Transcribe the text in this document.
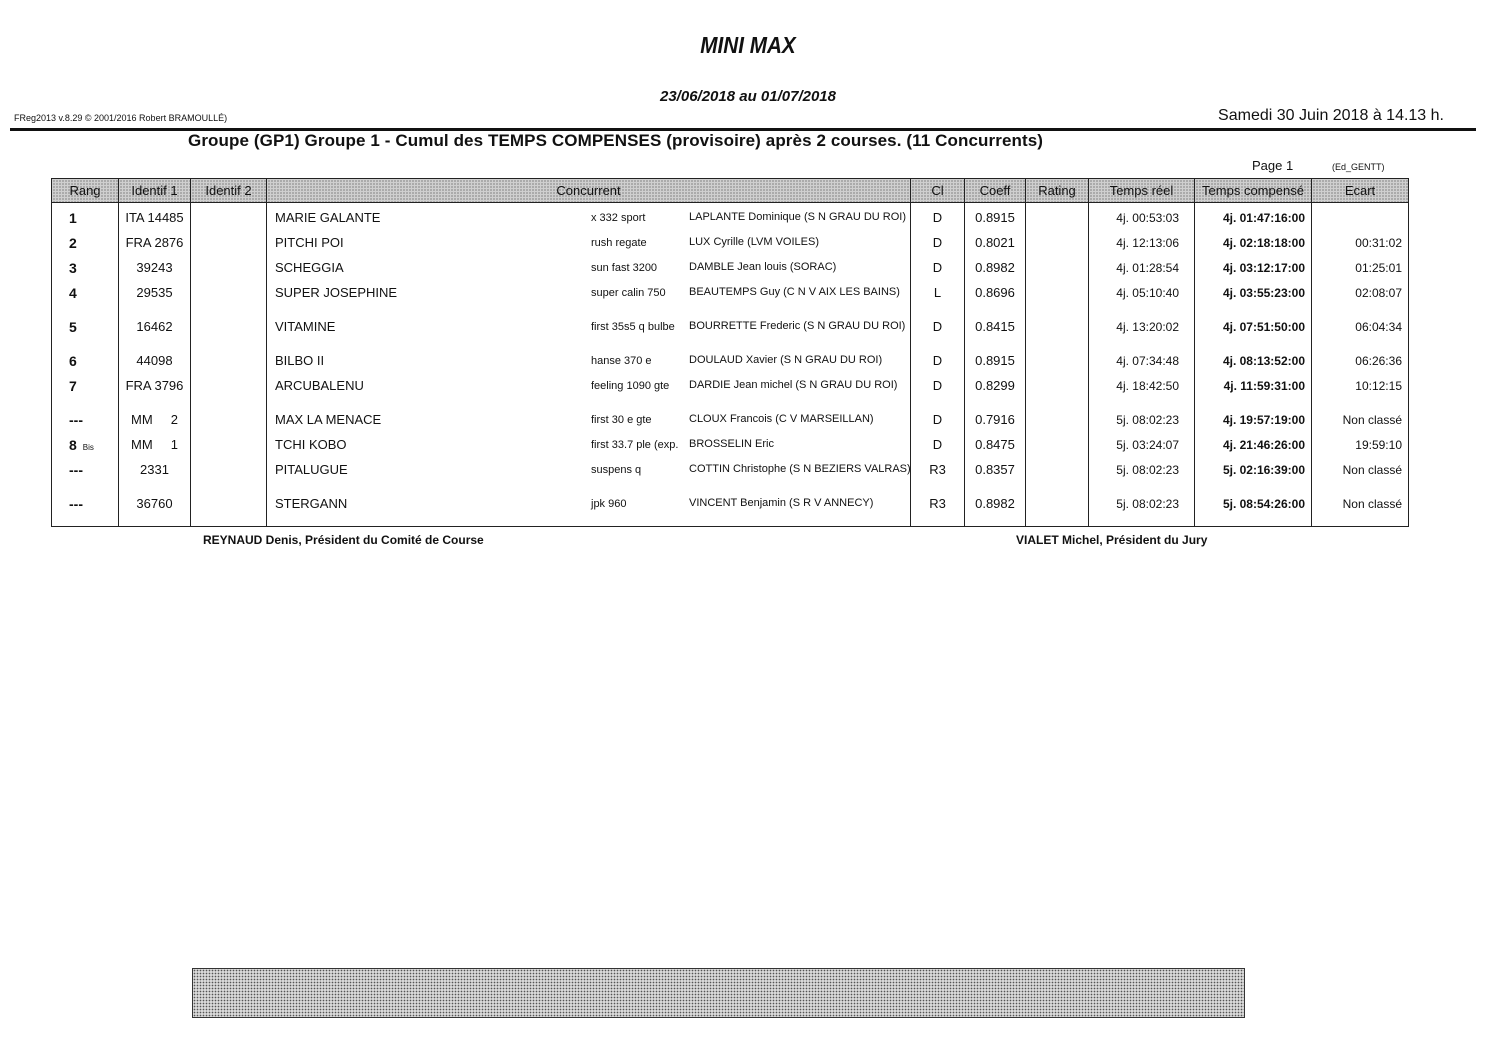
MINI MAX
23/06/2018 au 01/07/2018
FReg2013 v.8.29 © 2001/2016 Robert BRAMOULLÉ)	Samedi 30 Juin 2018 à 14.13 h.
Groupe (GP1) Groupe 1 - Cumul des TEMPS COMPENSES (provisoire) après 2 courses. (11 Concurrents)
Page 1	(Ed_GENTT)
Rang	Identif 1	Identif 2	Concurrent	Cl	Coeff	Rating	Temps réel	Temps compensé	Ecart
1	ITA 14485		MARIE GALANTE x 332 sport LAPLANTE Dominique (S N GRAU DU ROI)	D	0.8915		4j. 00:53:03	4j. 01:47:16:00	
2	FRA 2876		PITCHI POI rush regate LUX Cyrille (LVM VOILES)	D	0.8021		4j. 12:13:06	4j. 02:18:18:00	00:31:02
3	39243		SCHEGGIA sun fast 3200 DAMBLE Jean louis (SORAC)	D	0.8982		4j. 01:28:54	4j. 03:12:17:00	01:25:01
4	29535		SUPER JOSEPHINE super calin 750 BEAUTEMPS Guy (C N V AIX LES BAINS)	L	0.8696		4j. 05:10:40	4j. 03:55:23:00	02:08:07
5	16462		VITAMINE first 35s5 q bulbe BOURRETTE Frederic (S N GRAU DU ROI)	D	0.8415		4j. 13:20:02	4j. 07:51:50:00	06:04:34
6	44098		BILBO II hanse 370 e DOULAUD Xavier (S N GRAU DU ROI)	D	0.8915		4j. 07:34:48	4j. 08:13:52:00	06:26:36
7	FRA 3796		ARCUBALENU feeling 1090 gte DARDIE Jean michel (S N GRAU DU ROI)	D	0.8299		4j. 18:42:50	4j. 11:59:31:00	10:12:15
---	MM     2		MAX LA MENACE first 30 e gte CLOUX Francois (C V MARSEILLAN)	D	0.7916		5j. 08:02:23	4j. 19:57:19:00	Non classé
8 Bis	MM     1		TCHI KOBO first 33.7 ple (exp. BROSSELIN Eric	D	0.8475		5j. 03:24:07	4j. 21:46:26:00	19:59:10
---	2331		PITALUGUE suspens q COTTIN Christophe (S N BEZIERS VALRAS)	R3	0.8357		5j. 08:02:23	5j. 02:16:39:00	Non classé
---	36760		STERGANN jpk 960 VINCENT Benjamin (S R V ANNECY)	R3	0.8982		5j. 08:02:23	5j. 08:54:26:00	Non classé
REYNAUD Denis, Président du Comité de Course	VIALET Michel, Président du Jury
